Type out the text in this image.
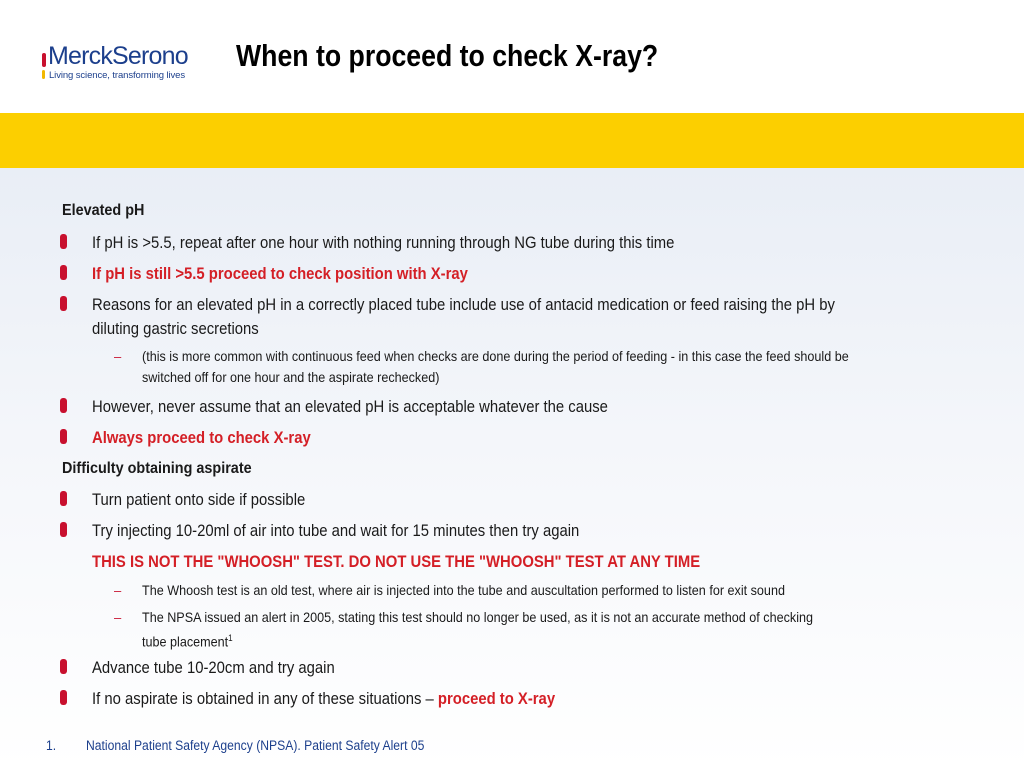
MerckSerono
Living science, transforming lives
When to proceed to check X-ray?
Elevated pH
If pH is >5.5, repeat after one hour with nothing running through NG tube during this time
If pH is still >5.5 proceed to check position with X-ray
Reasons for an elevated pH in a correctly placed tube include use of antacid medication or feed raising the pH by
diluting gastric secretions
– (this is more common with continuous feed when checks are done during the period of feeding - in this case the feed should be
switched off for one hour and the aspirate rechecked)
However, never assume that an elevated pH is acceptable whatever the cause
Always proceed to check X-ray
Difficulty obtaining aspirate
Turn patient onto side if possible
Try injecting 10-20ml of air into tube and wait for 15 minutes then try again
THIS IS NOT THE "WHOOSH" TEST. DO NOT USE THE "WHOOSH" TEST AT ANY TIME
– The Whoosh test is an old test, where air is injected into the tube and auscultation performed to listen for exit sound
– The NPSA issued an alert in 2005, stating this test should no longer be used, as it is not an accurate method of checking
tube placement$^1$
Advance tube 10-20cm and try again
If no aspirate is obtained in any of these situations – proceed to X-ray
1. National Patient Safety Agency (NPSA). Patient Safety Alert 05
